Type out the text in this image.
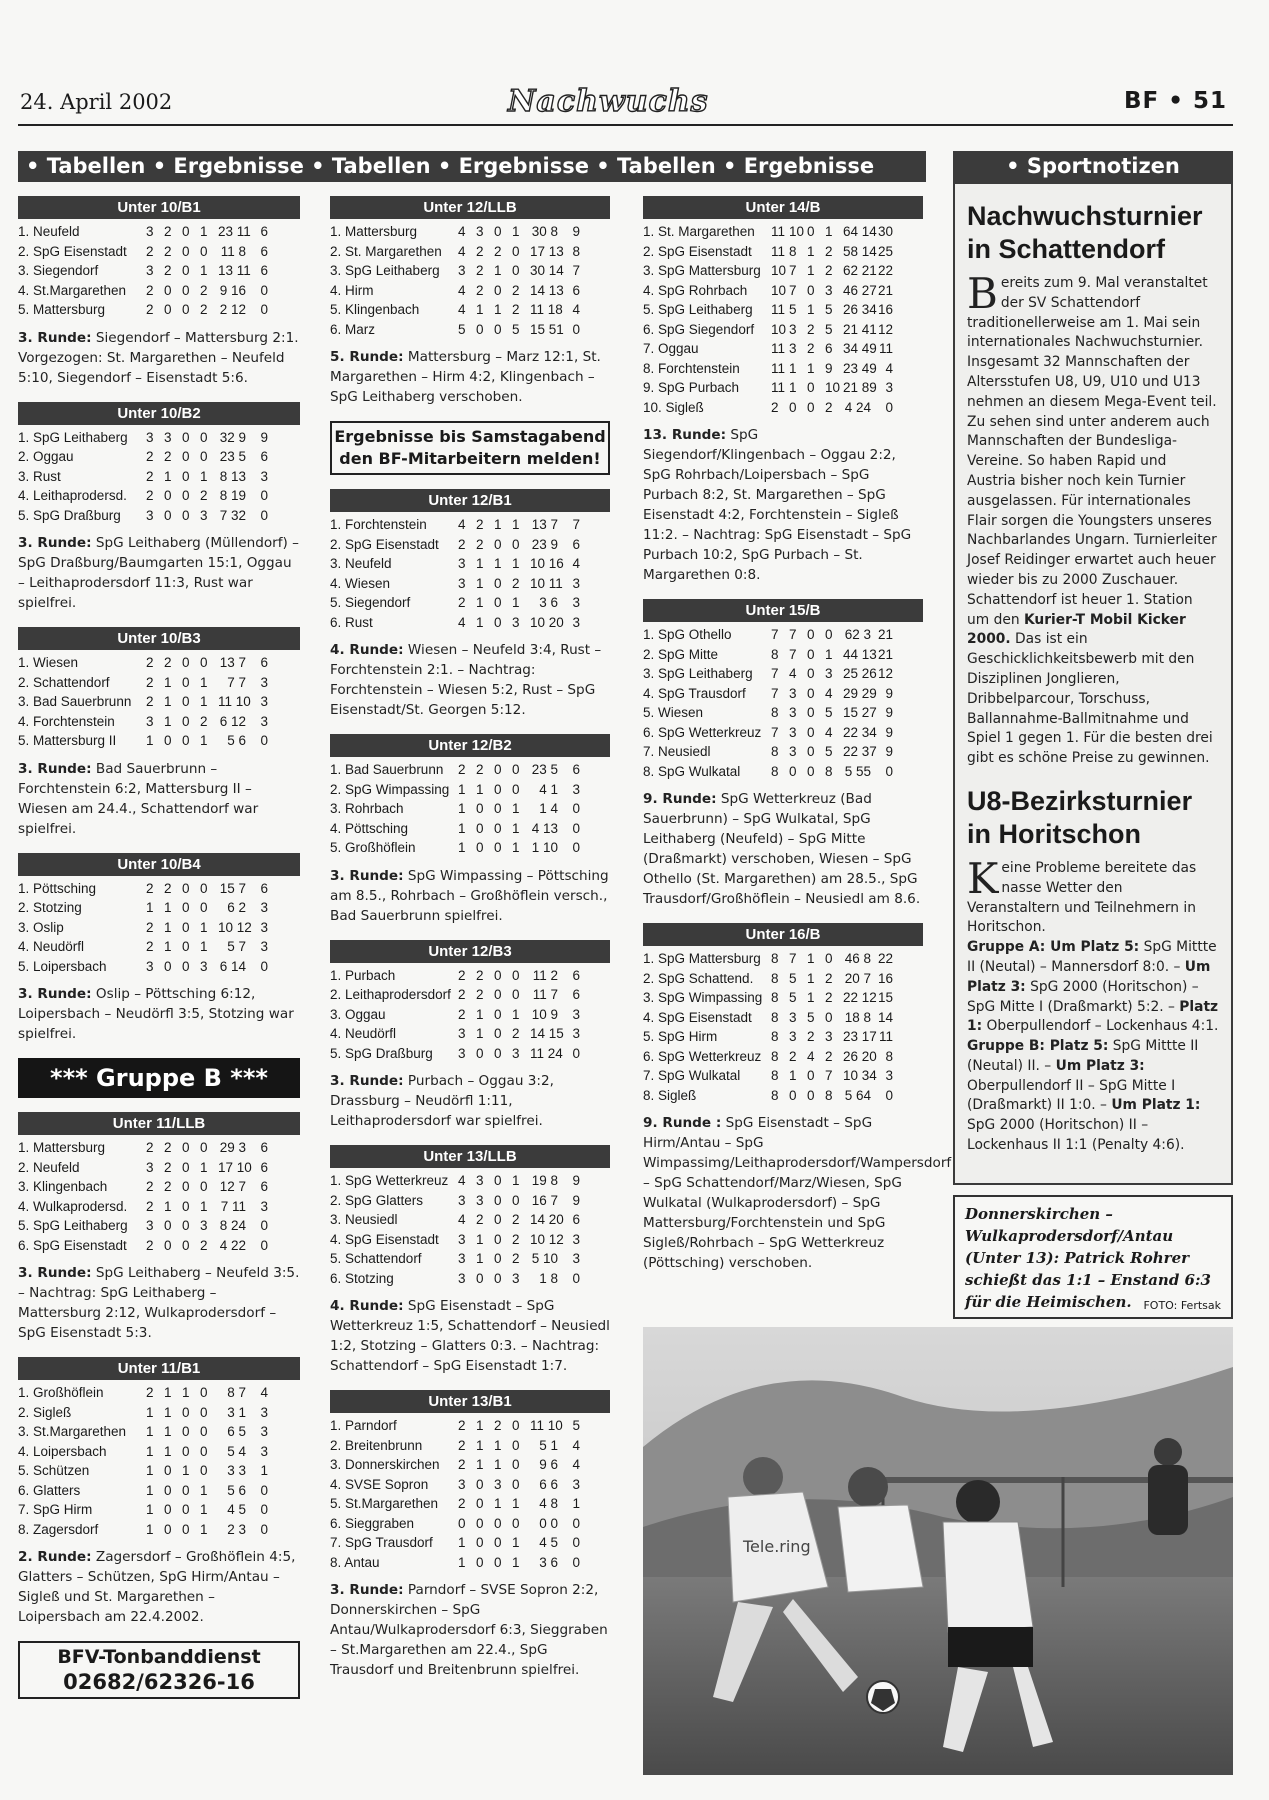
24. April 2002	Nachwuchs	BF • 51
• Tabellen • Ergebnisse • Tabellen • Ergebnisse • Tabellen • Ergebnisse	• Sportnotizen
Unter 10/B1
1. Neufeld	3 2 0 1 23 11 6
2. SpG Eisenstadt	2 2 0 0 11 8	6
3. Siegendorf	3 2 0 1 13 11 6
4. St.Margarethen	2 0 0 2 9 16	0
5. Mattersburg	2 0 0 2 2 12	0
3. Runde: Siegendorf – Mattersburg 2:1. Vorgezogen: St. Margarethen – Neufeld 5:10, Siegendorf – Eisenstadt 5:6.
Unter 10/B2
1. SpG Leithaberg	3 3 0 0 32 9	9
2. Oggau	2 2 0 0 23 5	6
3. Rust	2 1 0 1 8 13	3
4. Leithaprodersd.	2 0 0 2 8 19	0
5. SpG Draßburg	3 0 0 3 7 32	0
3. Runde: SpG Leithaberg (Müllendorf) – SpG Draßburg/Baumgarten 15:1, Oggau – Leithaprodersdorf 11:3, Rust war spielfrei.
Unter 10/B3
1. Wiesen	2 2 0 0 13 7	6
2. Schattendorf	2 1 0 1	7 7	3
3. Bad Sauerbrunn	2 1 0 1 11 10 3
4. Forchtenstein	3 1 0 2 6 12	3
5. Mattersburg II	1 0 0 1	5 6	0
3. Runde: Bad Sauerbrunn – Forchtenstein 6:2, Mattersburg II – Wiesen am 24.4., Schattendorf war spielfrei.
Unter 10/B4
1. Pöttsching	2 2 0 0 15 7	6
2. Stotzing	1 1 0 0	6 2	3
3. Oslip	2 1 0 1 10 12 3
4. Neudörfl	2 1 0 1	5 7	3
5. Loipersbach	3 0 0 3 6 14	0
3. Runde: Oslip – Pöttsching 6:12, Loipersbach – Neudörfl 3:5, Stotzing war spielfrei.
*** Gruppe B ***
Unter 11/LLB
1. Mattersburg	2 2 0 0 29 3	6
2. Neufeld	3 2 0 1 17 10 6
3. Klingenbach	2 2 0 0 12 7	6
4. Wulkaprodersd.	2 1 0 1 7 11	3
5. SpG Leithaberg	3 0 0 3 8 24	0
6. SpG Eisenstadt	2 0 0 2 4 22	0
3. Runde: SpG Leithaberg – Neufeld 3:5. – Nachtrag: SpG Leithaberg – Mattersburg 2:12, Wulkaprodersdorf – SpG Eisenstadt 5:3.
Unter 11/B1
1. Großhöflein	2 1 1 0	8 7	4
2. Sigleß	1 1 0 0	3 1	3
3. St.Margarethen	1 1 0 0	6 5	3
4. Loipersbach	1 1 0 0	5 4	3
5. Schützen	1 0 1 0	3 3	1
6. Glatters	1 0 0 1	5 6	0
7. SpG Hirm	1 0 0 1	4 5	0
8. Zagersdorf	1 0 0 1	2 3	0
2. Runde: Zagersdorf – Großhöflein 4:5, Glatters – Schützen, SpG Hirm/Antau – Sigleß und St. Margarethen – Loipersbach am 22.4.2002.
BFV-Tonbanddienst
02682/62326-16
Unter 12/LLB
1. Mattersburg	4 3 0 1 30 8	9
2. St. Margarethen	4 2 2 0 17 13 8
3. SpG Leithaberg	3 2 1 0 30 14 7
4. Hirm	4 2 0 2 14 13 6
5. Klingenbach	4 1 1 2 11 18 4
6. Marz	5 0 0 5 15 51 0
5. Runde: Mattersburg – Marz 12:1, St. Margarethen – Hirm 4:2, Klingenbach – SpG Leithaberg verschoben.
Ergebnisse bis Samstagabend den BF-Mitarbeitern melden!
Unter 12/B1
1. Forchtenstein	4 2 1 1 13 7	7
2. SpG Eisenstadt	2 2 0 0 23 9	6
3. Neufeld	3 1 1 1 10 16 4
4. Wiesen	3 1 0 2 10 11 3
5. Siegendorf	2 1 0 1	3 6	3
6. Rust	4 1 0 3 10 20 3
4. Runde: Wiesen – Neufeld 3:4, Rust – Forchtenstein 2:1. – Nachtrag: Forchtenstein – Wiesen 5:2, Rust – SpG Eisenstadt/St. Georgen 5:12.
Unter 12/B2
1. Bad Sauerbrunn	2 2 0 0 23 5	6
2. SpG Wimpassing 1 1 0 0	4 1	3
3. Rohrbach	1 0 0 1	1 4	0
4. Pöttsching	1 0 0 1 4 13	0
5. Großhöflein	1 0 0 1 1 10	0
3. Runde: SpG Wimpassing – Pöttsching am 8.5., Rohrbach – Großhöflein versch., Bad Sauerbrunn spielfrei.
Unter 12/B3
1. Purbach	2 2 0 0 11 2	6
2. Leithaprodersdorf 2 2 0 0 11 7	6
3. Oggau	2 1 0 1 10 9	3
4. Neudörfl	3 1 0 2 14 15 3
5. SpG Draßburg	3 0 0 3 11 24 0
3. Runde: Purbach – Oggau 3:2, Drassburg – Neudörfl 1:11, Leithaprodersdorf war spielfrei.
Unter 13/LLB
1. SpG Wetterkreuz 4 3 0 1 19 8	9
2. SpG Glatters	3 3 0 0 16 7	9
3. Neusiedl	4 2 0 2 14 20 6
4. SpG Eisenstadt	3 1 0 2 10 12 3
5. Schattendorf	3 1 0 2 5 10	3
6. Stotzing	3 0 0 3	1 8	0
4. Runde: SpG Eisenstadt – SpG Wetterkreuz 1:5, Schattendorf – Neusiedl 1:2, Stotzing – Glatters 0:3. – Nachtrag: Schattendorf – SpG Eisenstadt 1:7.
Unter 13/B1
1. Parndorf	2 1 2 0 11 10 5
2. Breitenbrunn	2 1 1 0	5 1	4
3. Donnerskirchen	2 1 1 0	9 6	4
4. SVSE Sopron	3 0 3 0	6 6	3
5. St.Margarethen	2 0 1 1	4 8	1
6. Sieggraben	0 0 0 0	0 0	0
7. SpG Trausdorf	1 0 0 1	4 5	0
8. Antau	1 0 0 1	3 6	0
3. Runde: Parndorf – SVSE Sopron 2:2, Donnerskirchen – SpG Antau/Wulkaprodersdorf 6:3, Sieggraben – St.Margarethen am 22.4., SpG Trausdorf und Breitenbrunn spielfrei.
Unter 14/B
1. St. Margarethen	11 10 0 1 64 14 30
2. SpG Eisenstadt	11 8 1 2 58 14 25
3. SpG Mattersburg 10 7 1 2 62 21 22
4. SpG Rohrbach	10 7 0 3 46 27 21
5. SpG Leithaberg	11 5 1 5 26 34 16
6. SpG Siegendorf	10 3 2 5 21 41 12
7. Oggau	11 3 2 6 34 49 11
8. Forchtenstein	11 1 1 9 23 49 4
9. SpG Purbach	11 1 0 10 21 89 3
10. Sigleß	2 0 0 2 4 24	0
13. Runde: SpG Siegendorf/Klingenbach – Oggau 2:2, SpG Rohrbach/Loipersbach – SpG Purbach 8:2, St. Margarethen – SpG Eisenstadt 4:2, Forchtenstein – Sigleß 11:2. – Nachtrag: SpG Eisenstadt – SpG Purbach 10:2, SpG Purbach – St. Margarethen 0:8.
Unter 15/B
1. SpG Othello	7 7 0 0 62 3 21
2. SpG Mitte	8 7 0 1 44 13 21
3. SpG Leithaberg	7 4 0 3 25 26 12
4. SpG Trausdorf	7 3 0 4 29 29 9
5. Wiesen	8 3 0 5 15 27 9
6. SpG Wetterkreuz 7 3 0 4 22 34 9
7. Neusiedl	8 3 0 5 22 37 9
8. SpG Wulkatal	8 0 0 8 5 55	0
9. Runde: SpG Wetterkreuz (Bad Sauerbrunn) – SpG Wulkatal, SpG Leithaberg (Neufeld) – SpG Mitte (Draßmarkt) verschoben, Wiesen – SpG Othello (St. Margarethen) am 28.5., SpG Trausdorf/Großhöflein – Neusiedl am 8.6.
Unter 16/B
1. SpG Mattersburg 8 7 1 0 46 8 22
2. SpG Schattend.	8 5 1 2 20 7 16
3. SpG Wimpassing 8 5 1 2 22 12 15
4. SpG Eisenstadt	8 3 5 0 18 8 14
5. SpG Hirm	8 3 2 3 23 17 11
6. SpG Wetterkreuz 8 2 4 2 26 20 8
7. SpG Wulkatal	8 1 0 7 10 34 3
8. Sigleß	8 0 0 8 5 64	0
9. Runde : SpG Eisenstadt – SpG Hirm/Antau – SpG Wimpassimg/Leithaprodersdorf/Wampersdorf – SpG Schattendorf/Marz/Wiesen, SpG Wulkatal (Wulkaprodersdorf) – SpG Mattersburg/Forchtenstein und SpG Sigleß/Rohrbach – SpG Wetterkreuz (Pöttsching) verschoben.
Nachwuchsturnier in Schattendorf
Bereits zum 9. Mal veranstaltet der SV Schattendorf traditionellerweise am 1. Mai sein internationales Nachwuchsturnier. Insgesamt 32 Mannschaften der Altersstufen U8, U9, U10 und U13 nehmen an diesem Mega-Event teil. Zu sehen sind unter anderem auch Mannschaften der Bundesliga-Vereine. So haben Rapid und Austria bisher noch kein Turnier ausgelassen. Für internationales Flair sorgen die Youngsters unseres Nachbarlandes Ungarn. Turnierleiter Josef Reidinger erwartet auch heuer wieder bis zu 2000 Zuschauer.
Schattendorf ist heuer 1. Station um den Kurier-T Mobil Kicker 2000. Das ist ein Geschicklichkeitsbewerb mit den Disziplinen Jonglieren, Dribbelparcour, Torschuss, Ballannahme-Ballmitnahme und Spiel 1 gegen 1. Für die besten drei gibt es schöne Preise zu gewinnen.
U8-Bezirksturnier in Horitschon
Keine Probleme bereitete das nasse Wetter den Veranstaltern und Teilnehmern in Horitschon.
Gruppe A: Um Platz 5: SpG Mittte II (Neutal) – Mannersdorf 8:0. – Um Platz 3: SpG 2000 (Horitschon) – SpG Mitte I (Draßmarkt) 5:2. – Platz 1: Oberpullendorf – Lockenhaus 4:1.
Gruppe B: Platz 5: SpG Mittte II (Neutal) II. – Um Platz 3: Oberpullendorf II – SpG Mitte I (Draßmarkt) II 1:0. – Um Platz 1: SpG 2000 (Horitschon) II – Lockenhaus II 1:1 (Penalty 4:6).
Donnerskirchen – Wulkaprodersdorf/Antau (Unter 13): Patrick Rohrer schießt das 1:1 – Enstand 6:3 für die Heimischen. FOTO: Fertsak
Tele.ring
